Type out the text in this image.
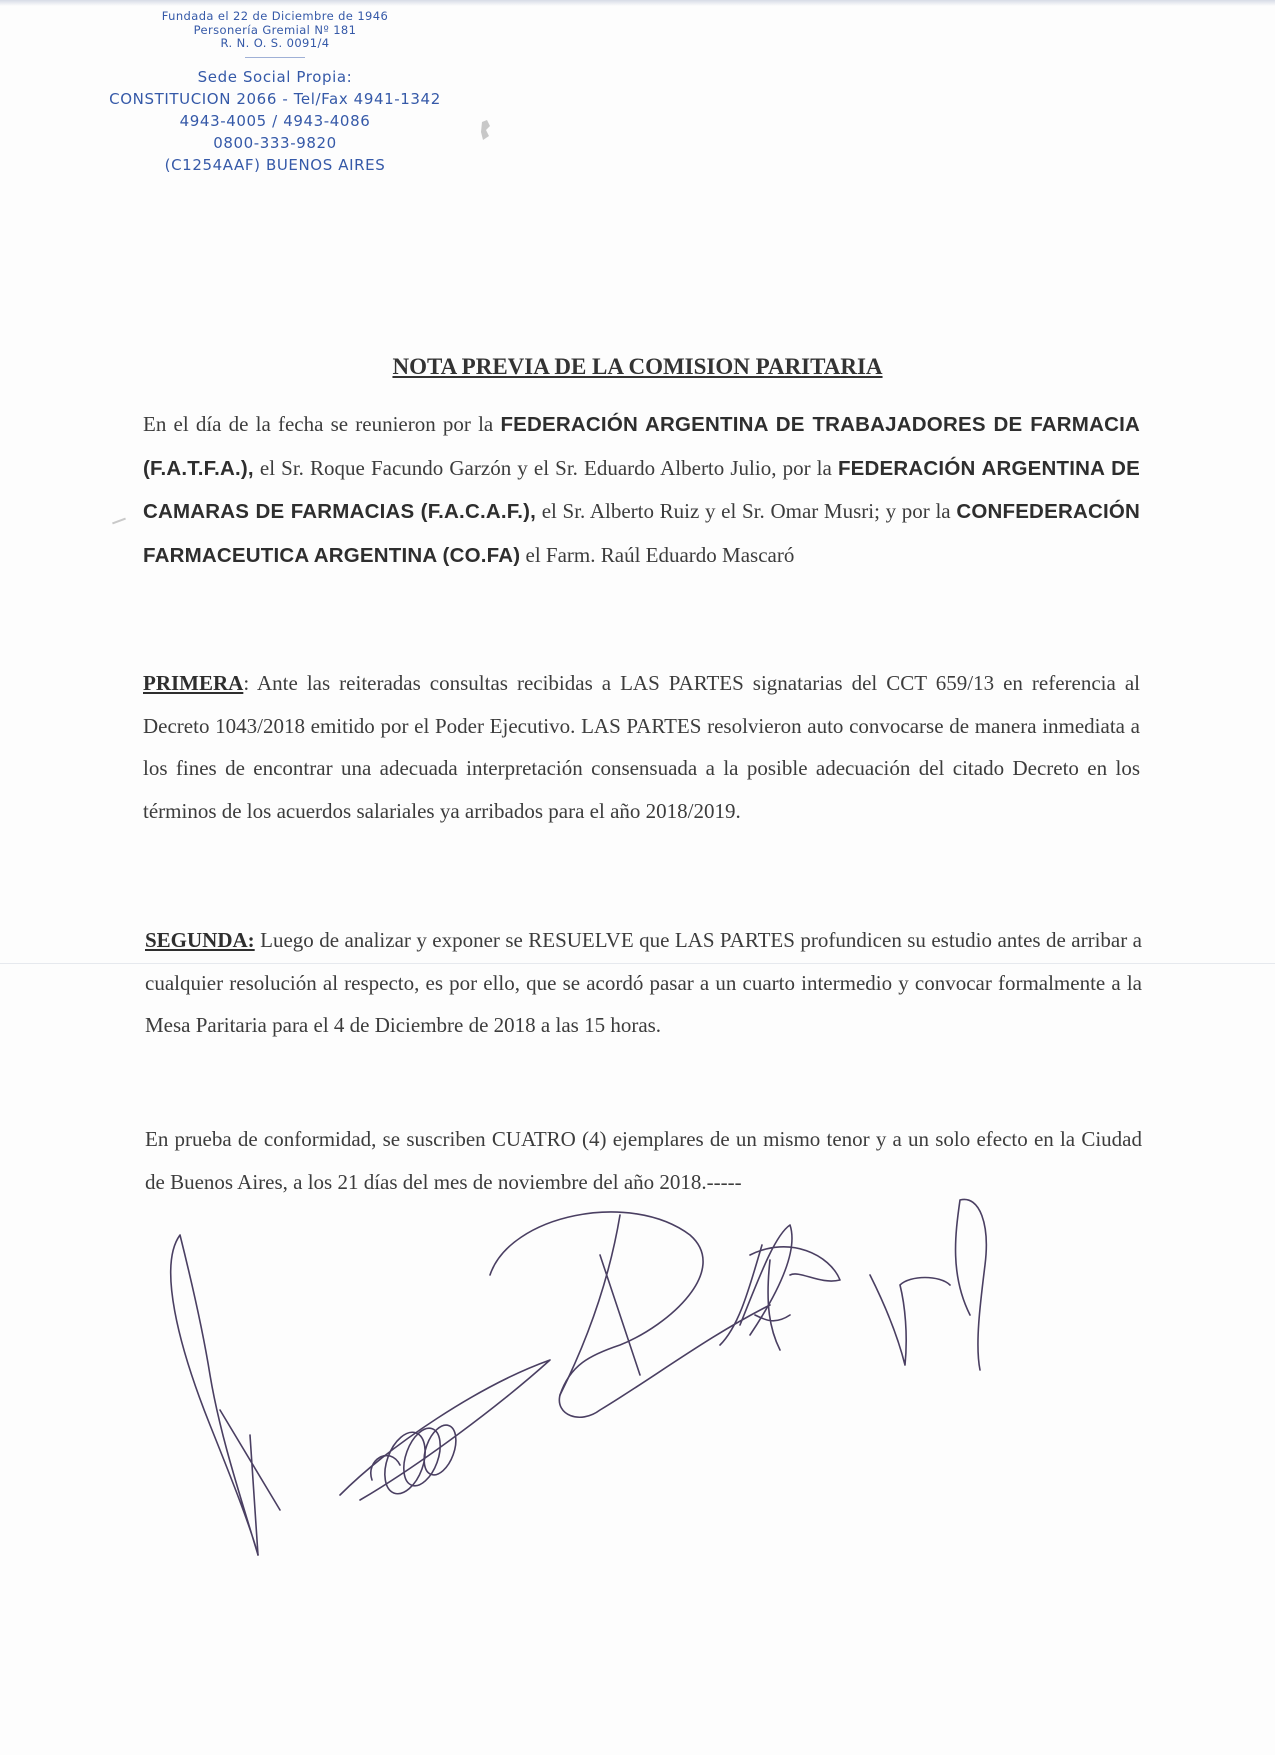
Fundada el 22 de Diciembre de 1946
Personería Gremial Nº 181
R. N. O. S. 0091/4
Sede Social Propia:
CONSTITUCION 2066 - Tel/Fax 4941-1342
4943-4005 / 4943-4086
0800-333-9820
(C1254AAF) BUENOS AIRES
NOTA PREVIA DE LA COMISION PARITARIA
En el día de la fecha se reunieron por la FEDERACIÓN ARGENTINA DE TRABAJADORES DE FARMACIA (F.A.T.F.A.), el Sr. Roque Facundo Garzón y el Sr. Eduardo Alberto Julio, por la FEDERACIÓN ARGENTINA DE CAMARAS DE FARMACIAS (F.A.C.A.F.), el Sr. Alberto Ruiz y el Sr. Omar Musri; y por la CONFEDERACIÓN FARMACEUTICA ARGENTINA (CO.FA) el Farm. Raúl Eduardo Mascaró
PRIMERA: Ante las reiteradas consultas recibidas a LAS PARTES signatarias del CCT 659/13 en referencia al Decreto 1043/2018 emitido por el Poder Ejecutivo. LAS PARTES resolvieron auto convocarse de manera inmediata a los fines de encontrar una adecuada interpretación consensuada a la posible adecuación del citado Decreto en los términos de los acuerdos salariales ya arribados para el año 2018/2019.
SEGUNDA: Luego de analizar y exponer se RESUELVE que LAS PARTES profundicen su estudio antes de arribar a cualquier resolución al respecto, es por ello, que se acordó pasar a un cuarto intermedio y convocar formalmente a la Mesa Paritaria para el 4 de Diciembre de 2018 a las 15 horas.
En prueba de conformidad, se suscriben CUATRO (4) ejemplares de un mismo tenor y a un solo efecto en la Ciudad de Buenos Aires, a los 21 días del mes de noviembre del año 2018.-----
